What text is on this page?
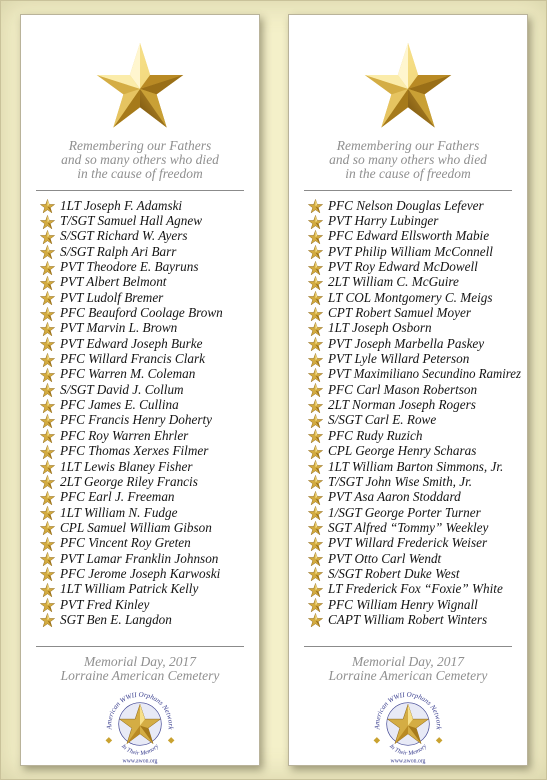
Remembering our Fathers
and so many others who died
in the cause of freedom
1LT Joseph F. Adamski
T/SGT Samuel Hall Agnew
S/SGT Richard W. Ayers
S/SGT Ralph Ari Barr
PVT Theodore E. Bayruns
PVT Albert Belmont
PVT Ludolf Bremer
PFC Beauford Coolage Brown
PVT Marvin L. Brown
PVT Edward Joseph Burke
PFC Willard Francis Clark
PFC Warren M. Coleman
S/SGT David J. Collum
PFC James E. Cullina
PFC Francis Henry Doherty
PFC Roy Warren Ehrler
PFC Thomas Xerxes Filmer
1LT Lewis Blaney Fisher
2LT George Riley Francis
PFC Earl J. Freeman
1LT William N. Fudge
CPL Samuel William Gibson
PFC Vincent Roy Greten
PVT Lamar Franklin Johnson
PFC Jerome Joseph Karwoski
1LT William Patrick Kelly
PVT Fred Kinley
SGT Ben E. Langdon
Memorial Day, 2017
Lorraine American Cemetery
American WWII Orphans Network
In Their Memory
www.awon.org
Remembering our Fathers
and so many others who died
in the cause of freedom
PFC Nelson Douglas Lefever
PVT Harry Lubinger
PFC Edward Ellsworth Mabie
PVT Philip William McConnell
PVT Roy Edward McDowell
2LT William C. McGuire
LT COL Montgomery C. Meigs
CPT Robert Samuel Moyer
1LT Joseph Osborn
PVT Joseph Marbella Paskey
PVT Lyle Willard Peterson
PVT Maximiliano Secundino Ramirez
PFC Carl Mason Robertson
2LT Norman Joseph Rogers
S/SGT Carl E. Rowe
PFC Rudy Ruzich
CPL George Henry Scharas
1LT William Barton Simmons, Jr.
T/SGT John Wise Smith, Jr.
PVT Asa Aaron Stoddard
1/SGT George Porter Turner
SGT Alfred “Tommy” Weekley
PVT Willard Frederick Weiser
PVT Otto Carl Wendt
S/SGT Robert Duke West
LT Frederick Fox “Foxie” White
PFC William Henry Wignall
CAPT William Robert Winters
Memorial Day, 2017
Lorraine American Cemetery
American WWII Orphans Network
In Their Memory
www.awon.org
